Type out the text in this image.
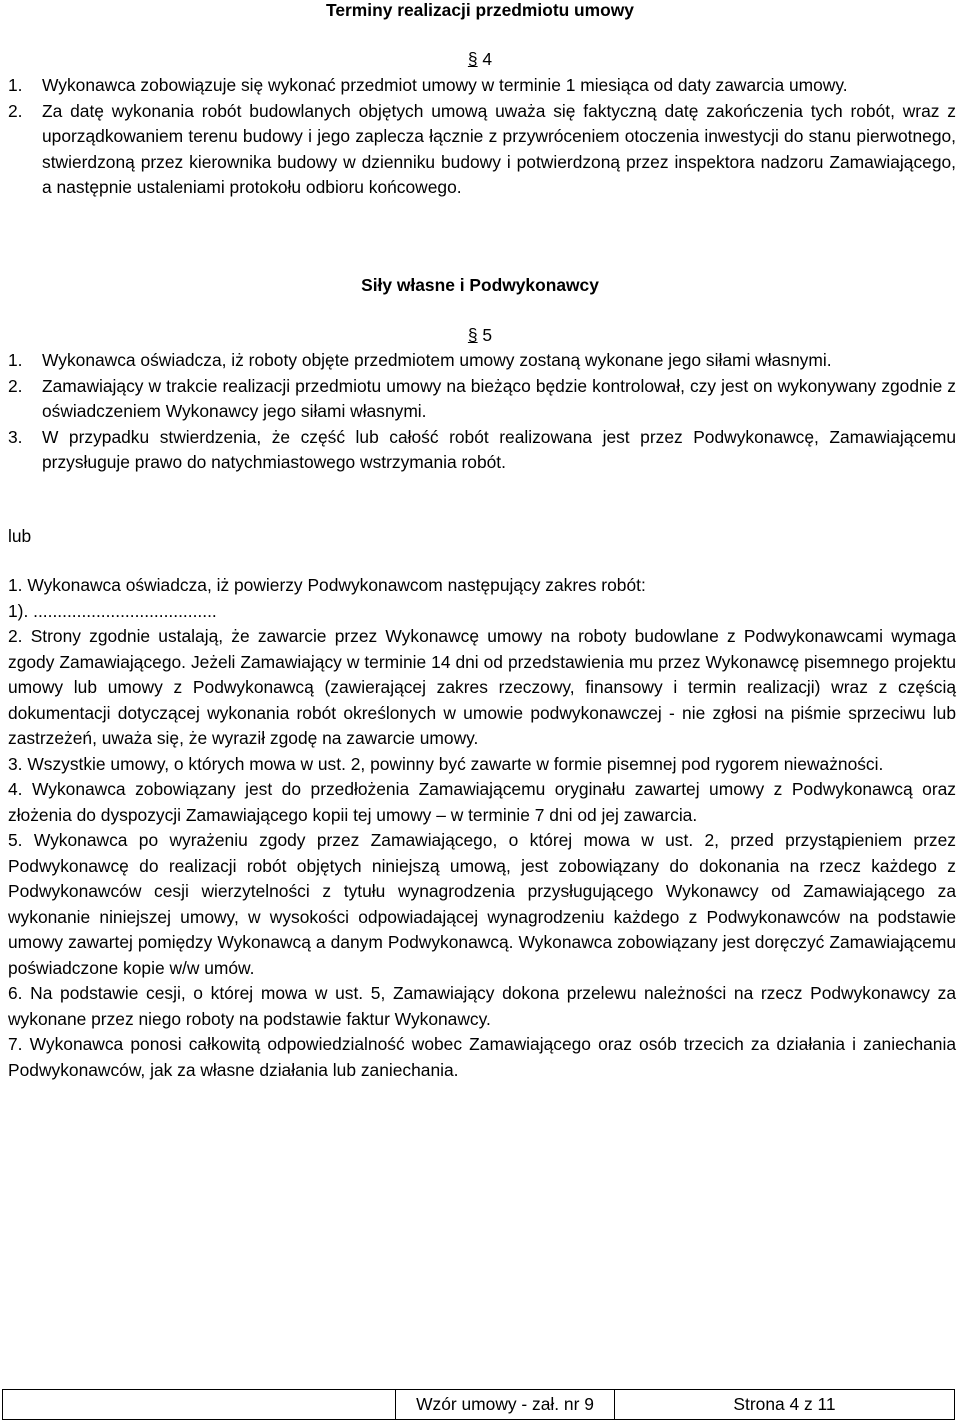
Terminy realizacji przedmiotu umowy
§ 4
1.	Wykonawca zobowiązuje się wykonać przedmiot umowy w terminie 1 miesiąca od daty zawarcia umowy.
2.	Za datę wykonania robót budowlanych objętych umową uważa się faktyczną datę zakończenia tych robót, wraz z uporządkowaniem terenu budowy i jego zaplecza łącznie z przywróceniem otoczenia inwestycji do stanu pierwotnego, stwierdzoną przez kierownika budowy w dzienniku budowy i potwierdzoną przez inspektora nadzoru Zamawiającego, a następnie ustaleniami protokołu odbioru końcowego.
Siły własne i Podwykonawcy
§ 5
1.	Wykonawca oświadcza, iż roboty objęte przedmiotem umowy zostaną wykonane jego siłami własnymi.
2.	Zamawiający w trakcie realizacji przedmiotu umowy na bieżąco będzie kontrolował, czy jest on wykonywany zgodnie z oświadczeniem Wykonawcy jego siłami własnymi.
3.	W przypadku stwierdzenia, że część lub całość robót realizowana jest przez Podwykonawcę, Zamawiającemu przysługuje prawo do natychmiastowego wstrzymania robót.
lub

1. Wykonawca oświadcza, iż powierzy Podwykonawcom następujący zakres robót:

1). ......................................

2. Strony zgodnie ustalają, że zawarcie przez Wykonawcę umowy na roboty budowlane z Podwykonawcami wymaga zgody Zamawiającego. Jeżeli Zamawiający w terminie 14 dni od przedstawienia mu przez Wykonawcę pisemnego projektu umowy lub umowy z Podwykonawcą (zawierającej zakres rzeczowy, finansowy i termin realizacji) wraz z częścią dokumentacji dotyczącej wykonania robót określonych w umowie podwykonawczej - nie zgłosi na piśmie sprzeciwu lub zastrzeżeń, uważa się, że wyraził zgodę na zawarcie umowy.

3. Wszystkie umowy, o których mowa w ust. 2, powinny być zawarte w formie pisemnej pod rygorem nieważności.

4. Wykonawca zobowiązany jest do przedłożenia Zamawiającemu oryginału zawartej umowy z Podwykonawcą oraz złożenia do dyspozycji Zamawiającego kopii tej umowy – w terminie 7 dni od jej zawarcia.

5. Wykonawca po wyrażeniu zgody przez Zamawiającego, o której mowa w ust. 2, przed przystąpieniem przez Podwykonawcę do realizacji robót objętych niniejszą umową, jest zobowiązany do dokonania na rzecz każdego z Podwykonawców cesji wierzytelności z tytułu wynagrodzenia przysługującego Wykonawcy od Zamawiającego za wykonanie niniejszej umowy, w wysokości odpowiadającej wynagrodzeniu każdego z Podwykonawców na podstawie umowy zawartej pomiędzy Wykonawcą a danym Podwykonawcą. Wykonawca zobowiązany jest doręczyć Zamawiającemu poświadczone kopie w/w umów.

6. Na podstawie cesji, o której mowa w ust. 5, Zamawiający dokona przelewu należności na rzecz Podwykonawcy za wykonane przez niego roboty na podstawie faktur Wykonawcy.

7. Wykonawca ponosi całkowitą odpowiedzialność wobec Zamawiającego oraz osób trzecich za działania i zaniechania Podwykonawców, jak za własne działania lub zaniechania.

Wzór umowy - zał. nr 9	Strona 4 z 11
